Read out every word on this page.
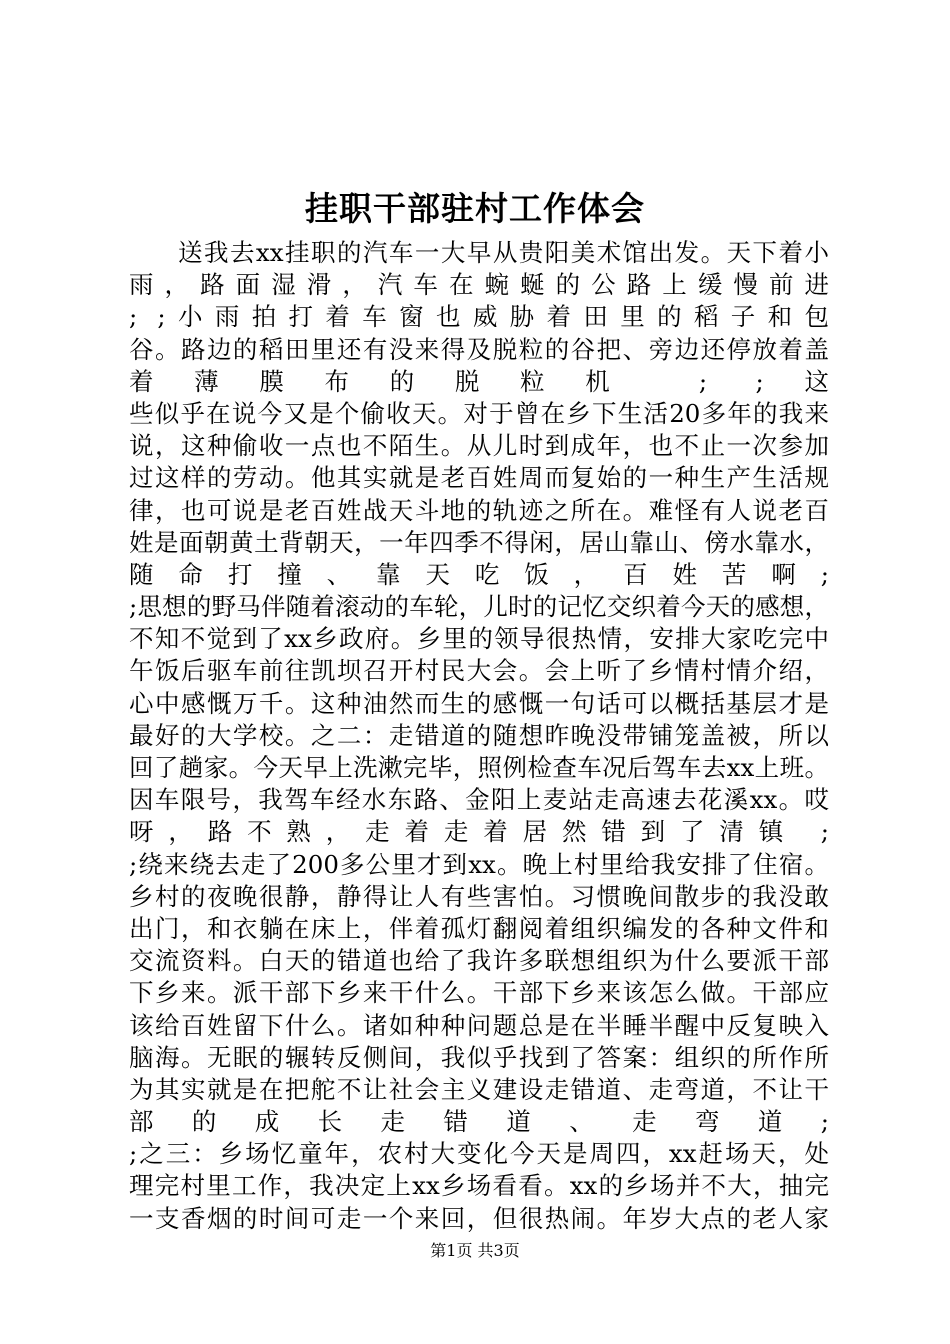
挂职干部驻村工作体会
送我去xx挂职的汽车一大早从贵阳美术馆出发。天下着小
雨 ， 路 面 湿 滑 ， 汽 车 在 蜿 蜒 的 公 路 上 缓 慢 前 进
; ;小雨拍打着车窗也威胁着田里的稻子和包
谷。路边的稻田里还有没来得及脱粒的谷把、旁边还停放着盖
着薄膜布的脱粒机 ; ;这
些似乎在说今又是个偷收天。对于曾在乡下生活20多年的我来
说，这种偷收一点也不陌生。从儿时到成年，也不止一次参加
过这样的劳动。他其实就是老百姓周而复始的一种生产生活规
律，也可说是老百姓战天斗地的轨迹之所在。难怪有人说老百
姓是面朝黄土背朝天，一年四季不得闲，居山靠山、傍水靠水，
随 命 打 撞 、 靠 天 吃 饭 ， 百 姓 苦 啊 ;
;思想的野马伴随着滚动的车轮，儿时的记忆交织着今天的感想，
不知不觉到了xx乡政府。乡里的领导很热情，安排大家吃完中
午饭后驱车前往凯坝召开村民大会。会上听了乡情村情介绍，
心中感慨万千。这种油然而生的感慨一句话可以概括基层才是
最好的大学校。之二：走错道的随想昨晚没带铺笼盖被，所以
回了趟家。今天早上洗漱完毕，照例检查车况后驾车去xx上班。
因车限号，我驾车经水东路、金阳上麦站走高速去花溪xx。哎
呀，路不熟，走着走着居然错到了清镇 ;
;绕来绕去走了200多公里才到xx。晚上村里给我安排了住宿。
乡村的夜晚很静，静得让人有些害怕。习惯晚间散步的我没敢
出门，和衣躺在床上，伴着孤灯翻阅着组织编发的各种文件和
交流资料。白天的错道也给了我许多联想组织为什么要派干部
下乡来。派干部下乡来干什么。干部下乡来该怎么做。干部应
该给百姓留下什么。诸如种种问题总是在半睡半醒中反复映入
脑海。无眠的辗转反侧间，我似乎找到了答案：组织的所作所
为其实就是在把舵不让社会主义建设走错道、走弯道，不让干
部 的 成 长 走 错 道 、 走 弯 道 ;
;之三：乡场忆童年，农村大变化今天是周四，xx赶场天，处
理完村里工作，我决定上xx乡场看看。xx的乡场并不大，抽完
一支香烟的时间可走一个来回，但很热闹。年岁大点的老人家
第1页 共3页
